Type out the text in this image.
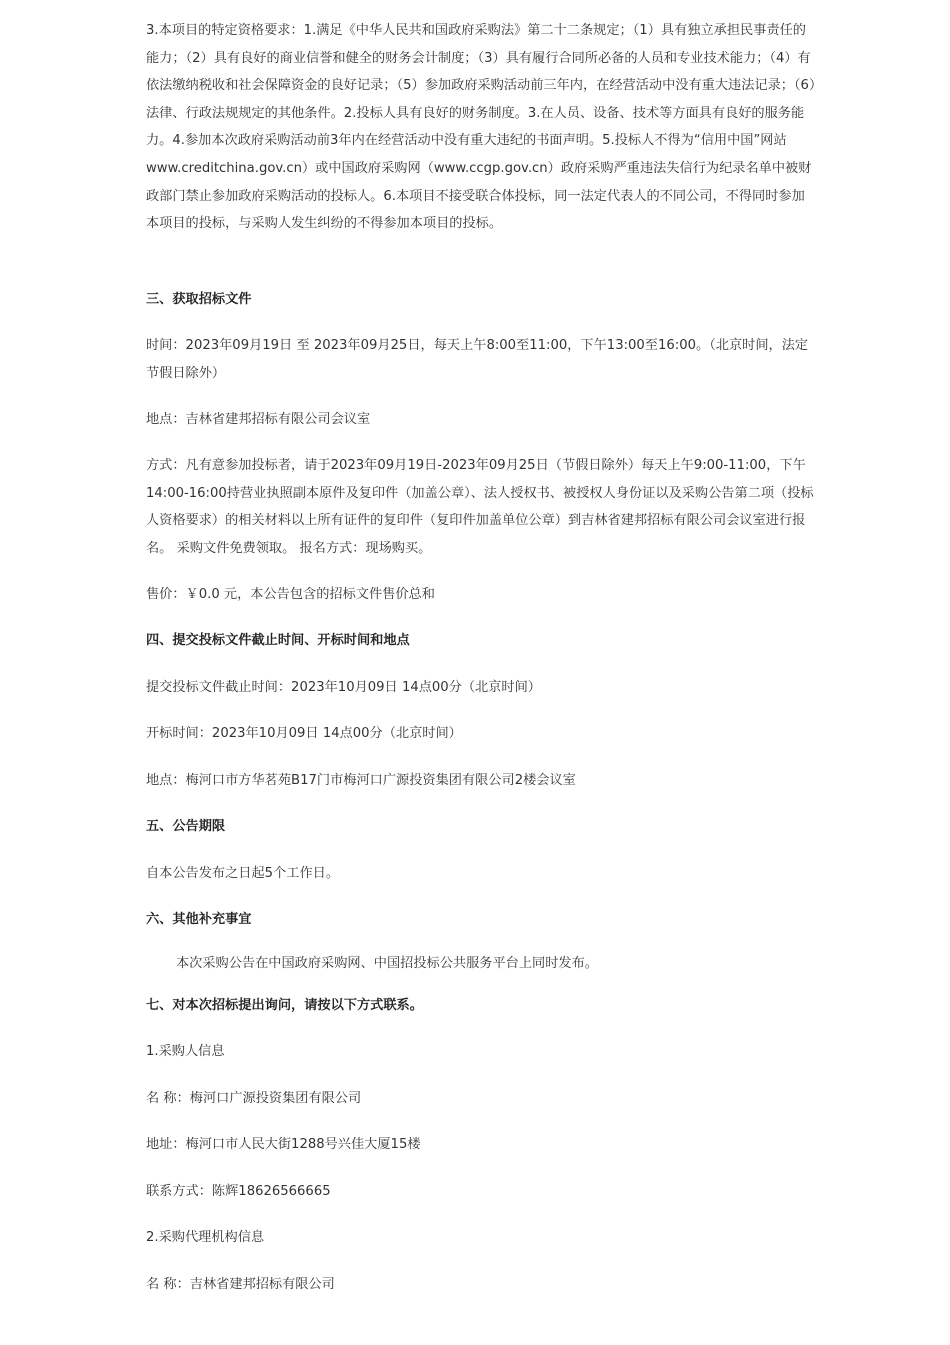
3.本项目的特定资格要求：1.满足《中华人民共和国政府采购法》第二十二条规定；（1）具有独立承担民事责任的能力；（2）具有良好的商业信誉和健全的财务会计制度；（3）具有履行合同所必备的人员和专业技术能力；（4）有依法缴纳税收和社会保障资金的良好记录；（5）参加政府采购活动前三年内，在经营活动中没有重大违法记录；（6）法律、行政法规规定的其他条件。2.投标人具有良好的财务制度。3.在人员、设备、技术等方面具有良好的服务能力。4.参加本次政府采购活动前3年内在经营活动中没有重大违纪的书面声明。5.投标人不得为“信用中国”网站www.creditchina.gov.cn）或中国政府采购网（www.ccgp.gov.cn）政府采购严重违法失信行为纪录名单中被财政部门禁止参加政府采购活动的投标人。6.本项目不接受联合体投标，同一法定代表人的不同公司，不得同时参加本项目的投标，与采购人发生纠纷的不得参加本项目的投标。

三、获取招标文件

时间：2023年09月19日 至 2023年09月25日，每天上午8:00至11:00，下午13:00至16:00。（北京时间，法定节假日除外）

地点：吉林省建邦招标有限公司会议室

方式：凡有意参加投标者，请于2023年09月19日-2023年09月25日（节假日除外）每天上午9:00-11:00，下午14:00-16:00持营业执照副本原件及复印件（加盖公章）、法人授权书、被授权人身份证以及采购公告第二项（投标人资格要求）的相关材料以上所有证件的复印件（复印件加盖单位公章）到吉林省建邦招标有限公司会议室进行报名。 采购文件免费领取。 报名方式：现场购买。

售价：￥0.0 元，本公告包含的招标文件售价总和

四、提交投标文件截止时间、开标时间和地点

提交投标文件截止时间：2023年10月09日 14点00分（北京时间）

开标时间：2023年10月09日 14点00分（北京时间）

地点：梅河口市方华茗苑B17门市梅河口广源投资集团有限公司2楼会议室

五、公告期限

自本公告发布之日起5个工作日。

六、其他补充事宜

本次采购公告在中国政府采购网、中国招投标公共服务平台上同时发布。

七、对本次招标提出询问，请按以下方式联系。

1.采购人信息

名 称：梅河口广源投资集团有限公司

地址：梅河口市人民大街1288号兴佳大厦15楼

联系方式：陈辉18626566665

2.采购代理机构信息

名 称：吉林省建邦招标有限公司
